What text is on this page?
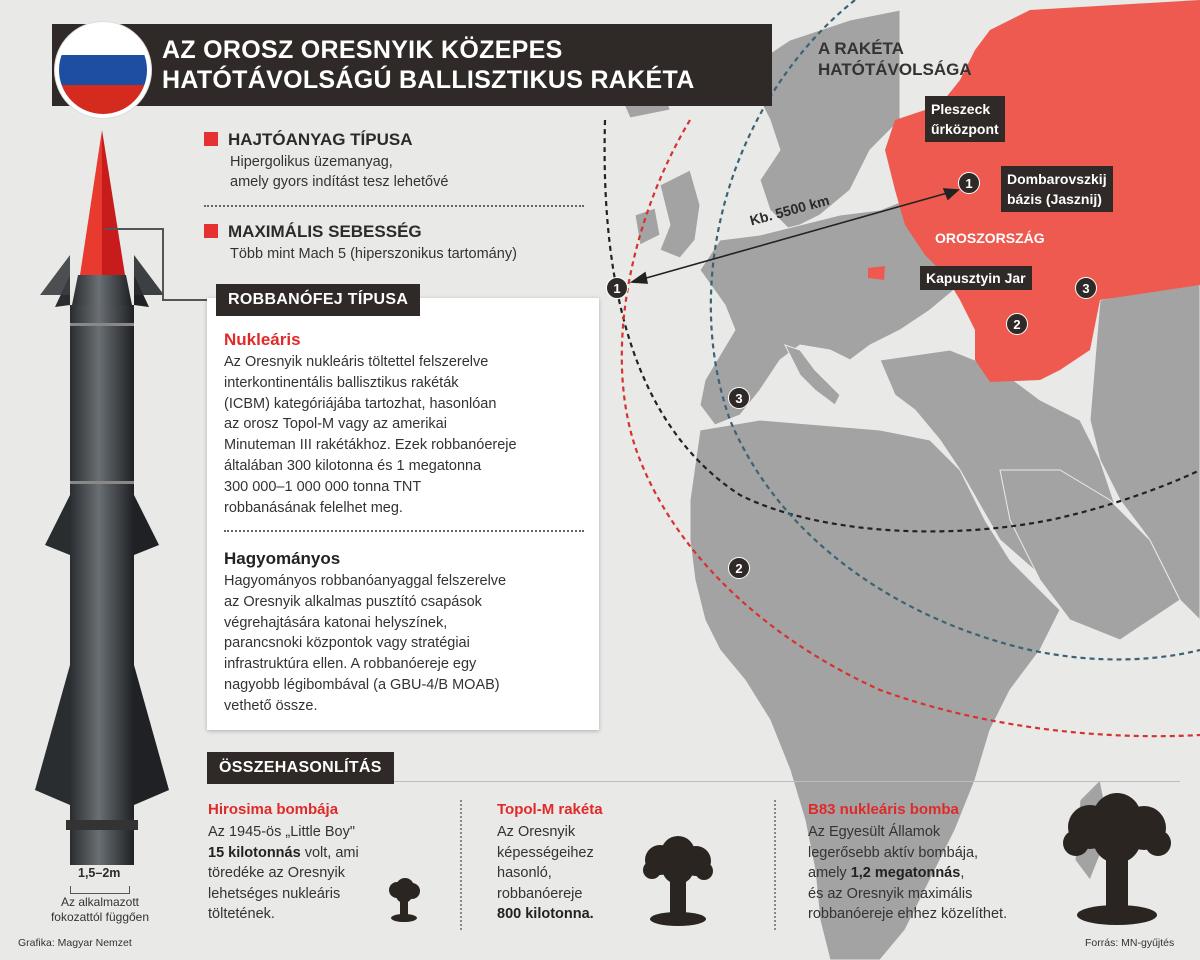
Kb. 5500 km
Pleszeck
űrközpont
Dombarovszkij
bázis (Jasznij)
Kapusztyin Jar
OROSZORSZÁG
1
2
3
1
2
3
A RAKÉTA
HATÓTÁVOLSÁGA
AZ OROSZ ORESNYIK KÖZEPES
HATÓTÁVOLSÁGÚ BALLISZTIKUS RAKÉTA
1,5–2m
Az alkalmazott
fokozattól függően
HAJTÓANYAG TÍPUSA
Hipergolikus üzemanyag,
amely gyors indítást tesz lehetővé
MAXIMÁLIS SEBESSÉG
Több mint Mach 5 (hiperszonikus tartomány)
ROBBANÓFEJ TÍPUSA
Nukleáris
Az Oresnyik nukleáris töltettel felszerelve
interkontinentális ballisztikus rakéták
(ICBM) kategóriájába tartozhat, hasonlóan
az orosz Topol-M vagy az amerikai
Minuteman III rakétákhoz. Ezek robbanóereje
általában 300 kilotonna és 1 megatonna
300 000–1 000 000 tonna TNT
robbanásának felelhet meg.
Hagyományos
Hagyományos robbanóanyaggal felszerelve
az Oresnyik alkalmas pusztító csapások
végrehajtására katonai helyszínek,
parancsnoki központok vagy stratégiai
infrastruktúra ellen. A robbanóereje egy
nagyobb légibombával (a GBU-4/B MOAB)
vethető össze.
ÖSSZEHASONLÍTÁS
Hirosima bombája
Az 1945-ös „Little Boy"
15 kilotonnás volt, ami
töredéke az Oresnyik
lehetséges nukleáris
töltetének.
Topol-M rakéta
Az Oresnyik
képességeihez
hasonló,
robbanóereje
800 kilotonna.
B83 nukleáris bomba
Az Egyesült Államok
legerősebb aktív bombája,
amely 1,2 megatonnás,
és az Oresnyik maximális
robbanóereje ehhez közelíthet.
Grafika: Magyar Nemzet	Forrás: MN-gyűjtés
